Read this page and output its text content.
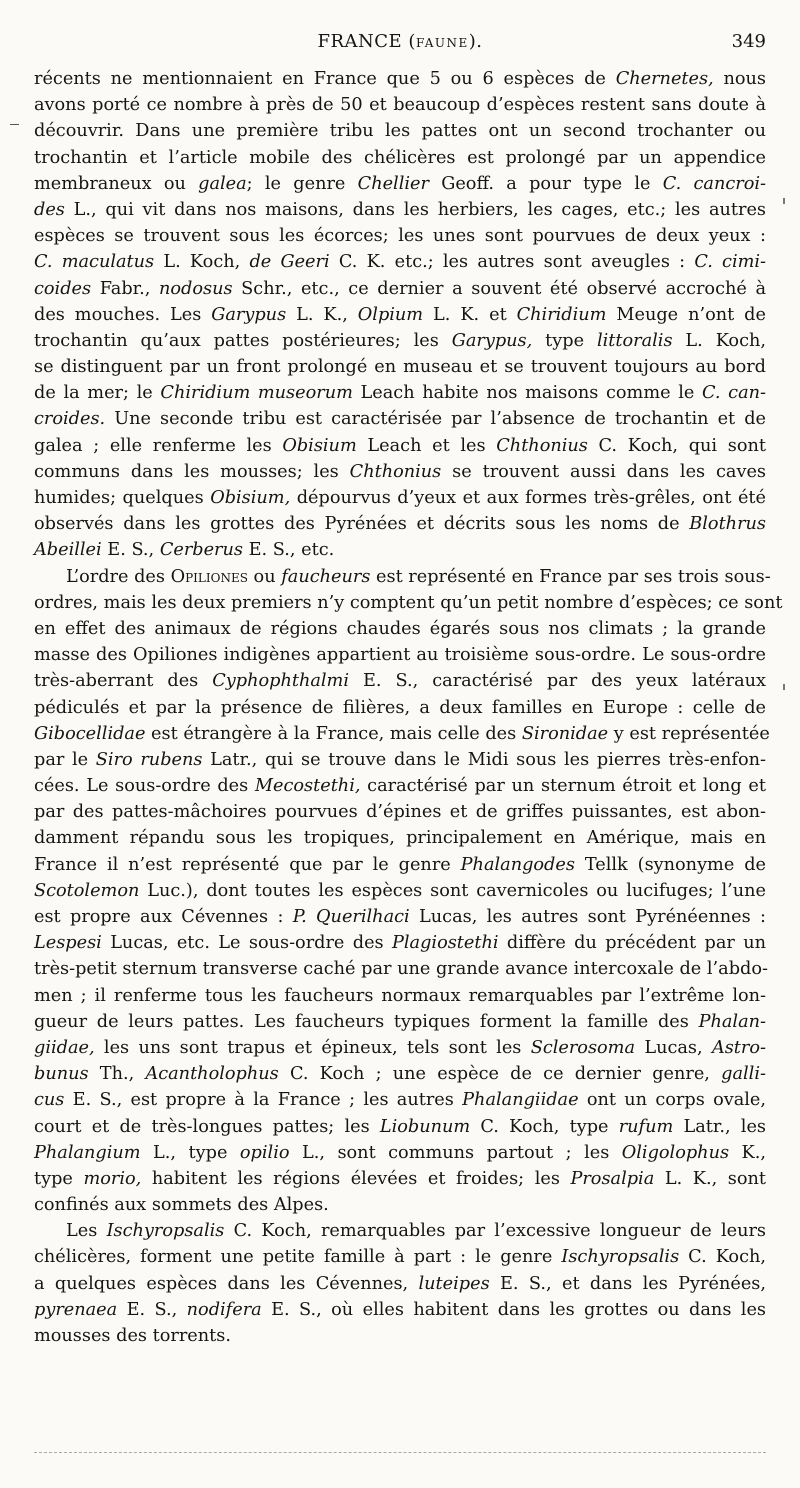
FRANCE (FAUNE).	349
récents ne mentionnaient en France que 5 ou 6 espèces de Chernetes, nous
avons porté ce nombre à près de 50 et beaucoup d’espèces restent sans doute à
découvrir. Dans une première tribu les pattes ont un second trochanter ou
trochantin et l’article mobile des chélicères est prolongé par un appendice
membraneux ou galea; le genre Chellier Geoff. a pour type le C. cancroi-
des L., qui vit dans nos maisons, dans les herbiers, les cages, etc.; les autres
espèces se trouvent sous les écorces; les unes sont pourvues de deux yeux :
C. maculatus L. Koch, de Geeri C. K. etc.; les autres sont aveugles : C. cimi-
coides Fabr., nodosus Schr., etc., ce dernier a souvent été observé accroché à
des mouches. Les Garypus L. K., Olpium L. K. et Chiridium Meuge n’ont de
trochantin qu’aux pattes postérieures; les Garypus, type littoralis L. Koch,
se distinguent par un front prolongé en museau et se trouvent toujours au bord
de la mer; le Chiridium museorum Leach habite nos maisons comme le C. can-
croides. Une seconde tribu est caractérisée par l’absence de trochantin et de
galea ; elle renferme les Obisium Leach et les Chthonius C. Koch, qui sont
communs dans les mousses; les Chthonius se trouvent aussi dans les caves
humides; quelques Obisium, dépourvus d’yeux et aux formes très-grêles, ont été
observés dans les grottes des Pyrénées et décrits sous les noms de Blothrus
Abeillei E. S., Cerberus E. S., etc.
L’ordre des Opiliones ou faucheurs est représenté en France par ses trois sous-
ordres, mais les deux premiers n’y comptent qu’un petit nombre d’espèces; ce sont
en effet des animaux de régions chaudes égarés sous nos climats ; la grande
masse des Opiliones indigènes appartient au troisième sous-ordre. Le sous-ordre
très-aberrant des Cyphophthalmi E. S., caractérisé par des yeux latéraux
pédiculés et par la présence de filières, a deux familles en Europe : celle de
Gibocellidae est étrangère à la France, mais celle des Sironidae y est représentée
par le Siro rubens Latr., qui se trouve dans le Midi sous les pierres très-enfon-
cées. Le sous-ordre des Mecostethi, caractérisé par un sternum étroit et long et
par des pattes-mâchoires pourvues d’épines et de griffes puissantes, est abon-
damment répandu sous les tropiques, principalement en Amérique, mais en
France il n’est représenté que par le genre Phalangodes Tellk (synonyme de
Scotolemon Luc.), dont toutes les espèces sont cavernicoles ou lucifuges; l’une
est propre aux Cévennes : P. Querilhaci Lucas, les autres sont Pyrénéennes :
Lespesi Lucas, etc. Le sous-ordre des Plagiostethi diffère du précédent par un
très-petit sternum transverse caché par une grande avance intercoxale de l’abdo-
men ; il renferme tous les faucheurs normaux remarquables par l’extrême lon-
gueur de leurs pattes. Les faucheurs typiques forment la famille des Phalan-
giidae, les uns sont trapus et épineux, tels sont les Sclerosoma Lucas, Astro-
bunus Th., Acantholophus C. Koch ; une espèce de ce dernier genre, galli-
cus E. S., est propre à la France ; les autres Phalangiidae ont un corps ovale,
court et de très-longues pattes; les Liobunum C. Koch, type rufum Latr., les
Phalangium L., type opilio L., sont communs partout ; les Oligolophus K.,
type morio, habitent les régions élevées et froides; les Prosalpia L. K., sont
confinés aux sommets des Alpes.
Les Ischyropsalis C. Koch, remarquables par l’excessive longueur de leurs
chélicères, forment une petite famille à part : le genre Ischyropsalis C. Koch,
a quelques espèces dans les Cévennes, luteipes E. S., et dans les Pyrénées,
pyrenaea E. S., nodifera E. S., où elles habitent dans les grottes ou dans les
mousses des torrents.
